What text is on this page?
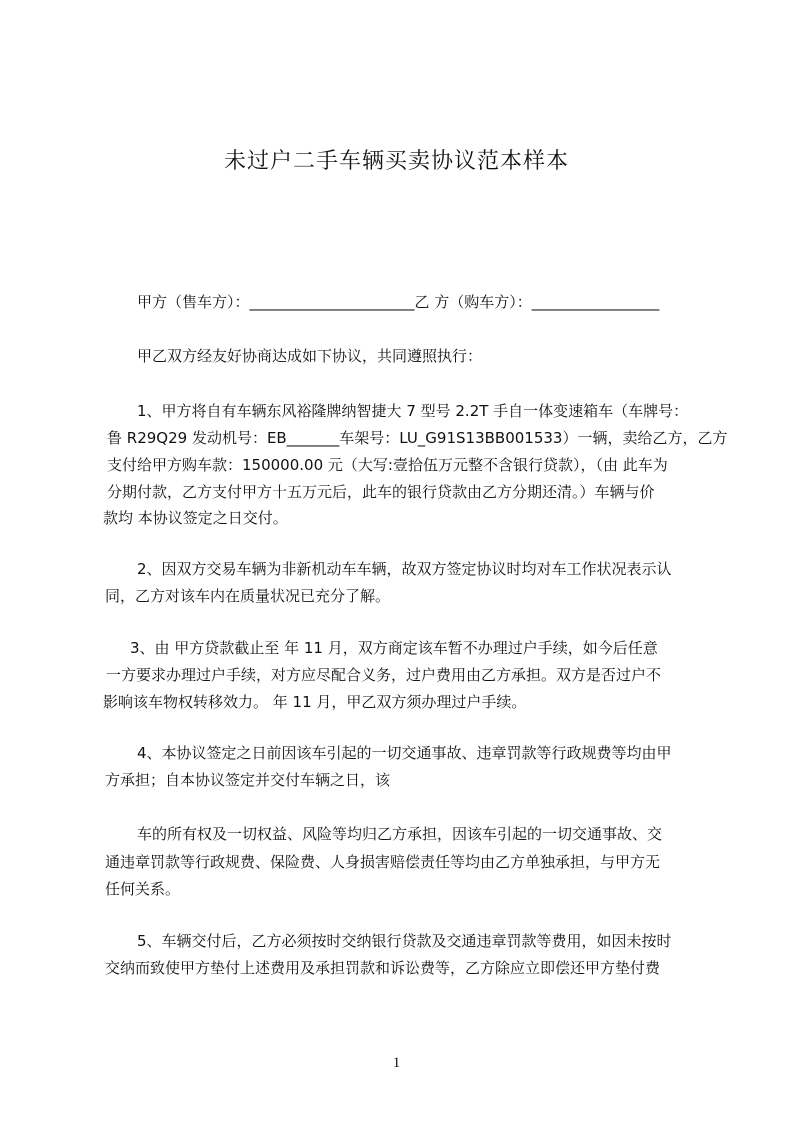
未过户二手车辆买卖协议范本样本
甲方（售车方）：______________________乙 方（购车方）：_________________
甲乙双方经友好协商达成如下协议，共同遵照执行：
1、甲方将自有车辆东风裕隆牌纳智捷大 7 型号 2.2T 手自一体变速箱车（车牌号：
鲁 R29Q29 发动机号：EB_______车架号：LU_G91S13BB001533）一辆，卖给乙方，乙方
支付给甲方购车款：150000.00 元（大写:壹拾伍万元整不含银行贷款），（由 此车为
分期付款，乙方支付甲方十五万元后，此车的银行贷款由乙方分期还清。）车辆与价
款均 本协议签定之日交付。
2、因双方交易车辆为非新机动车车辆，故双方签定协议时均对车工作状况表示认
同，乙方对该车内在质量状况已充分了解。
3、由 甲方贷款截止至 年 11 月，双方商定该车暂不办理过户手续，如今后任意
一方要求办理过户手续，对方应尽配合义务，过户费用由乙方承担。双方是否过户不
影响该车物权转移效力。 年 11 月，甲乙双方须办理过户手续。
4、本协议签定之日前因该车引起的一切交通事故、违章罚款等行政规费等均由甲
方承担；自本协议签定并交付车辆之日，该
车的所有权及一切权益、风险等均归乙方承担，因该车引起的一切交通事故、交
通违章罚款等行政规费、保险费、人身损害赔偿责任等均由乙方单独承担，与甲方无
任何关系。
5、车辆交付后，乙方必须按时交纳银行贷款及交通违章罚款等费用，如因未按时
交纳而致使甲方垫付上述费用及承担罚款和诉讼费等，乙方除应立即偿还甲方垫付费
1
